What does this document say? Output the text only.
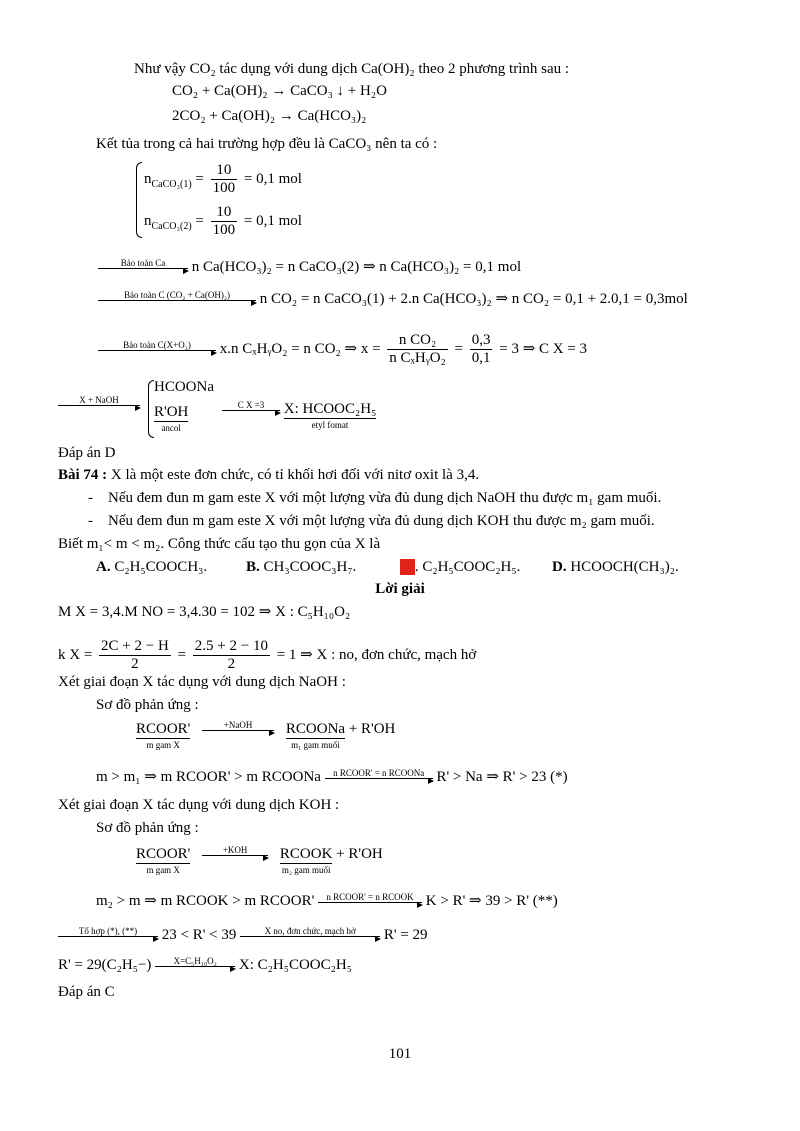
Như vậy CO₂ tác dụng với dung dịch Ca(OH)₂ theo 2 phương trình sau :
CO₂ + Ca(OH)₂ → CaCO₃ ↓ + H₂O
2CO₂ + Ca(OH)₂ → Ca(HCO₃)₂
Kết tủa trong cả hai trường hợp đều là CaCO₃ nên ta có :
$n_{CaCO_3(1)} = \frac{10}{100} = 0,1$ mol
$n_{CaCO_3(2)} = \frac{10}{100} = 0,1$ mol
Bảo toàn Ca	n Ca(HCO₃)₂ = n CaCO₃(2) ⇒ n Ca(HCO₃)₂ = 0,1 mol
Bảo toàn C (CO₂ + Ca(OH)₂)	n CO₂ = n CaCO₃(1) + 2.n Ca(HCO₃)₂ ⇒ n CO₂ = 0,1 + 2.0,1 = 0,3mol
Bảo toàn C(X+O₂)	x.n CₓHᵧO₂ = n CO₂ ⇒ $x = \frac{\text{n CO₂}}{\text{n CₓHᵧO₂}} = \frac{0,3}{0,1} = 3$ ⇒ C X = 3
X + NaOH
HCOONa
R'OH
ancol
C X =3
	X: HCOOC₂H₅
etyl fomat
Đáp án D
Bài 74 : X là một este đơn chức, có tỉ khối hơi đối với nitơ oxit là 3,4.
-    Nếu đem đun m gam este X với một lượng vừa đủ dung dịch NaOH thu được m₁ gam muối.
-    Nếu đem đun m gam este X với một lượng vừa đủ dung dịch KOH thu được m₂ gam muối.
Biết m₁< m < m₂. Công thức cấu tạo thu gọn của X là
A. C₂H₅COOCH₃.	B. CH₃COOC₃H₇.	C . C₂H₅COOC₂H₅. D. HCOOCH(CH₃)₂.
Lời giải
M X = 3,4.M NO = 3,4.30 = 102 ⇒ X : C₅H₁₀O₂
k $X = \frac{2C + 2 - H}{2} = \frac{2.5 + 2 - 10}{2} = 1$ ⇒ X : no, đơn chức, mạch hở
Xét giai đoạn X tác dụng với dung dịch NaOH :
Sơ đồ phản ứng :
RCOOR'
m gam X

+NaOH
	RCOONa
m₁ gam muối
+ R'OH
m > m₁ ⇒ m RCOOR' > m RCOONa	n RCOOR' = n RCOONa R' > Na ⇒ R' > 23 (*)
Xét giai đoạn X tác dụng với dung dịch KOH :
Sơ đồ phản ứng :
RCOOR'
m gam X

+KOH
	RCOOK
m₂ gam muối
+ R'OH
m₂ > m ⇒ m RCOOK > m RCOOR'	n RCOOR' = n RCOOK K > R' ⇒ 39 > R' (**)
Tổ hợp (*), (**)	23 < R' < 39	X no, đơn chức, mạch hở	R' = 29
R' = 29(C₂H₅−)	X=C₅H₁₀O₂	X: C₂H₅COOC₂H₅
Đáp án C
101
